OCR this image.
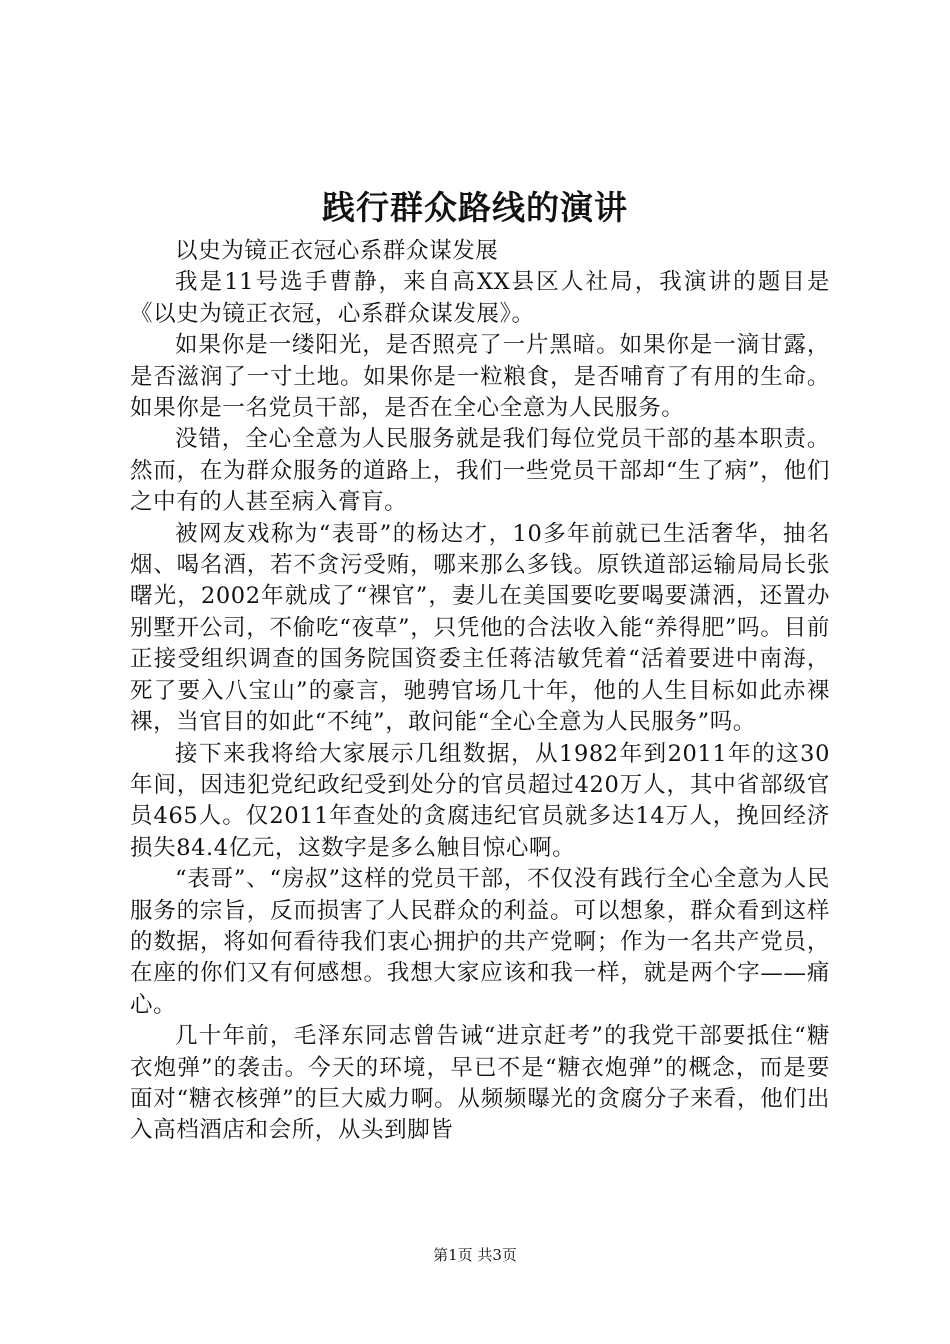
践行群众路线的演讲

以史为镜正衣冠心系群众谋发展

我是11号选手曹静，来自高XX县区人社局，我演讲的题目是《以史为镜正衣冠，心系群众谋发展》。

如果你是一缕阳光，是否照亮了一片黑暗。如果你是一滴甘露，是否滋润了一寸土地。如果你是一粒粮食，是否哺育了有用的生命。如果你是一名党员干部，是否在全心全意为人民服务。

没错，全心全意为人民服务就是我们每位党员干部的基本职责。然而，在为群众服务的道路上，我们一些党员干部却“生了病”，他们之中有的人甚至病入膏肓。

被网友戏称为“表哥”的杨达才，10多年前就已生活奢华，抽名烟、喝名酒，若不贪污受贿，哪来那么多钱。原铁道部运输局局长张曙光，2002年就成了“裸官”，妻儿在美国要吃要喝要潇洒，还置办别墅开公司，不偷吃“夜草”，只凭他的合法收入能“养得肥”吗。目前正接受组织调查的国务院国资委主任蒋洁敏凭着“活着要进中南海，死了要入八宝山”的豪言，驰骋官场几十年，他的人生目标如此赤裸裸，当官目的如此“不纯”，敢问能“全心全意为人民服务”吗。

接下来我将给大家展示几组数据，从1982年到2011年的这30年间，因违犯党纪政纪受到处分的官员超过420万人，其中省部级官员465人。仅2011年查处的贪腐违纪官员就多达14万人，挽回经济损失84.4亿元，这数字是多么触目惊心啊。

“表哥”、“房叔”这样的党员干部，不仅没有践行全心全意为人民服务的宗旨，反而损害了人民群众的利益。可以想象，群众看到这样的数据，将如何看待我们衷心拥护的共产党啊；作为一名共产党员，在座的你们又有何感想。我想大家应该和我一样，就是两个字——痛心。

几十年前，毛泽东同志曾告诫“进京赶考”的我党干部要抵住“糖衣炮弹”的袭击。今天的环境，早已不是“糖衣炮弹”的概念，而是要面对“糖衣核弹”的巨大威力啊。从频频曝光的贪腐分子来看，他们出入高档酒店和会所，从头到脚皆

第1页 共3页
